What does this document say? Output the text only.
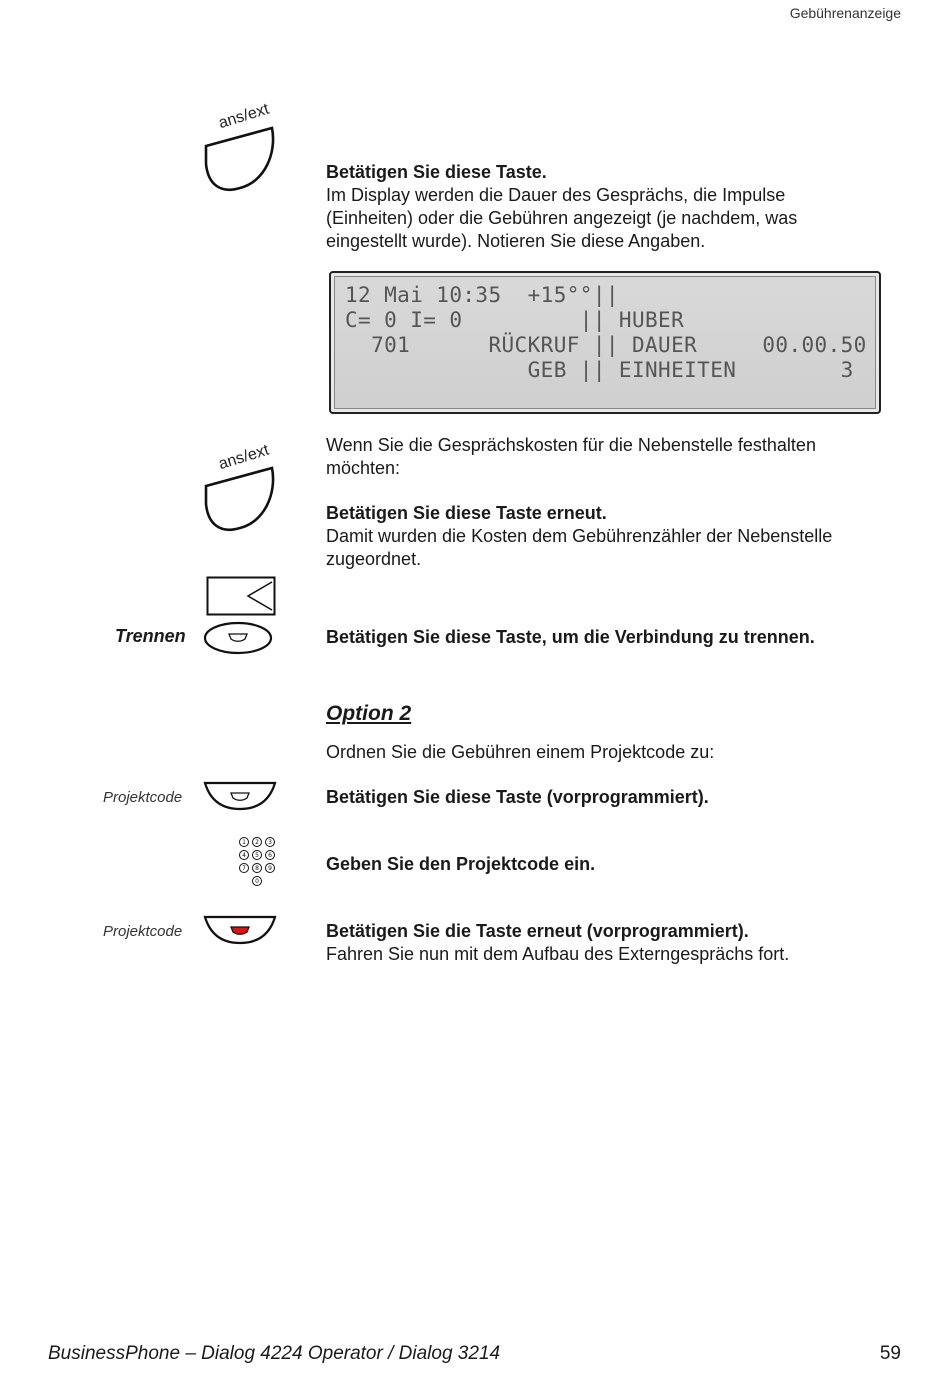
Gebührenanzeige
ans/ext
Betätigen Sie diese Taste.
Im Display werden die Dauer des Gesprächs, die Impulse
(Einheiten) oder die Gebühren angezeigt (je nachdem, was
eingestellt wurde). Notieren Sie diese Angaben.
12 Mai 10:35  +15°°||
C= 0 I= 0         || HUBER
701      RÜCKRUF || DAUER     00.00.50
GEB || EINHEITEN        3
ans/ext	Wenn Sie die Gesprächskosten für die Nebenstelle festhalten
möchten:
Betätigen Sie diese Taste erneut.
Damit wurden die Kosten dem Gebührenzähler der Nebenstelle
zugeordnet.
Trennen	Betätigen Sie diese Taste, um die Verbindung zu trennen.
Option 2
Ordnen Sie die Gebühren einem Projektcode zu:
Projektcode	Betätigen Sie diese Taste (vorprogrammiert).
1 2 3
4 5 6
7 8 9
0
Geben Sie den Projektcode ein.
Projektcode	Betätigen Sie die Taste erneut (vorprogrammiert).
Fahren Sie nun mit dem Aufbau des Externgesprächs fort.
BusinessPhone – Dialog 4224 Operator / Dialog 3214	59
